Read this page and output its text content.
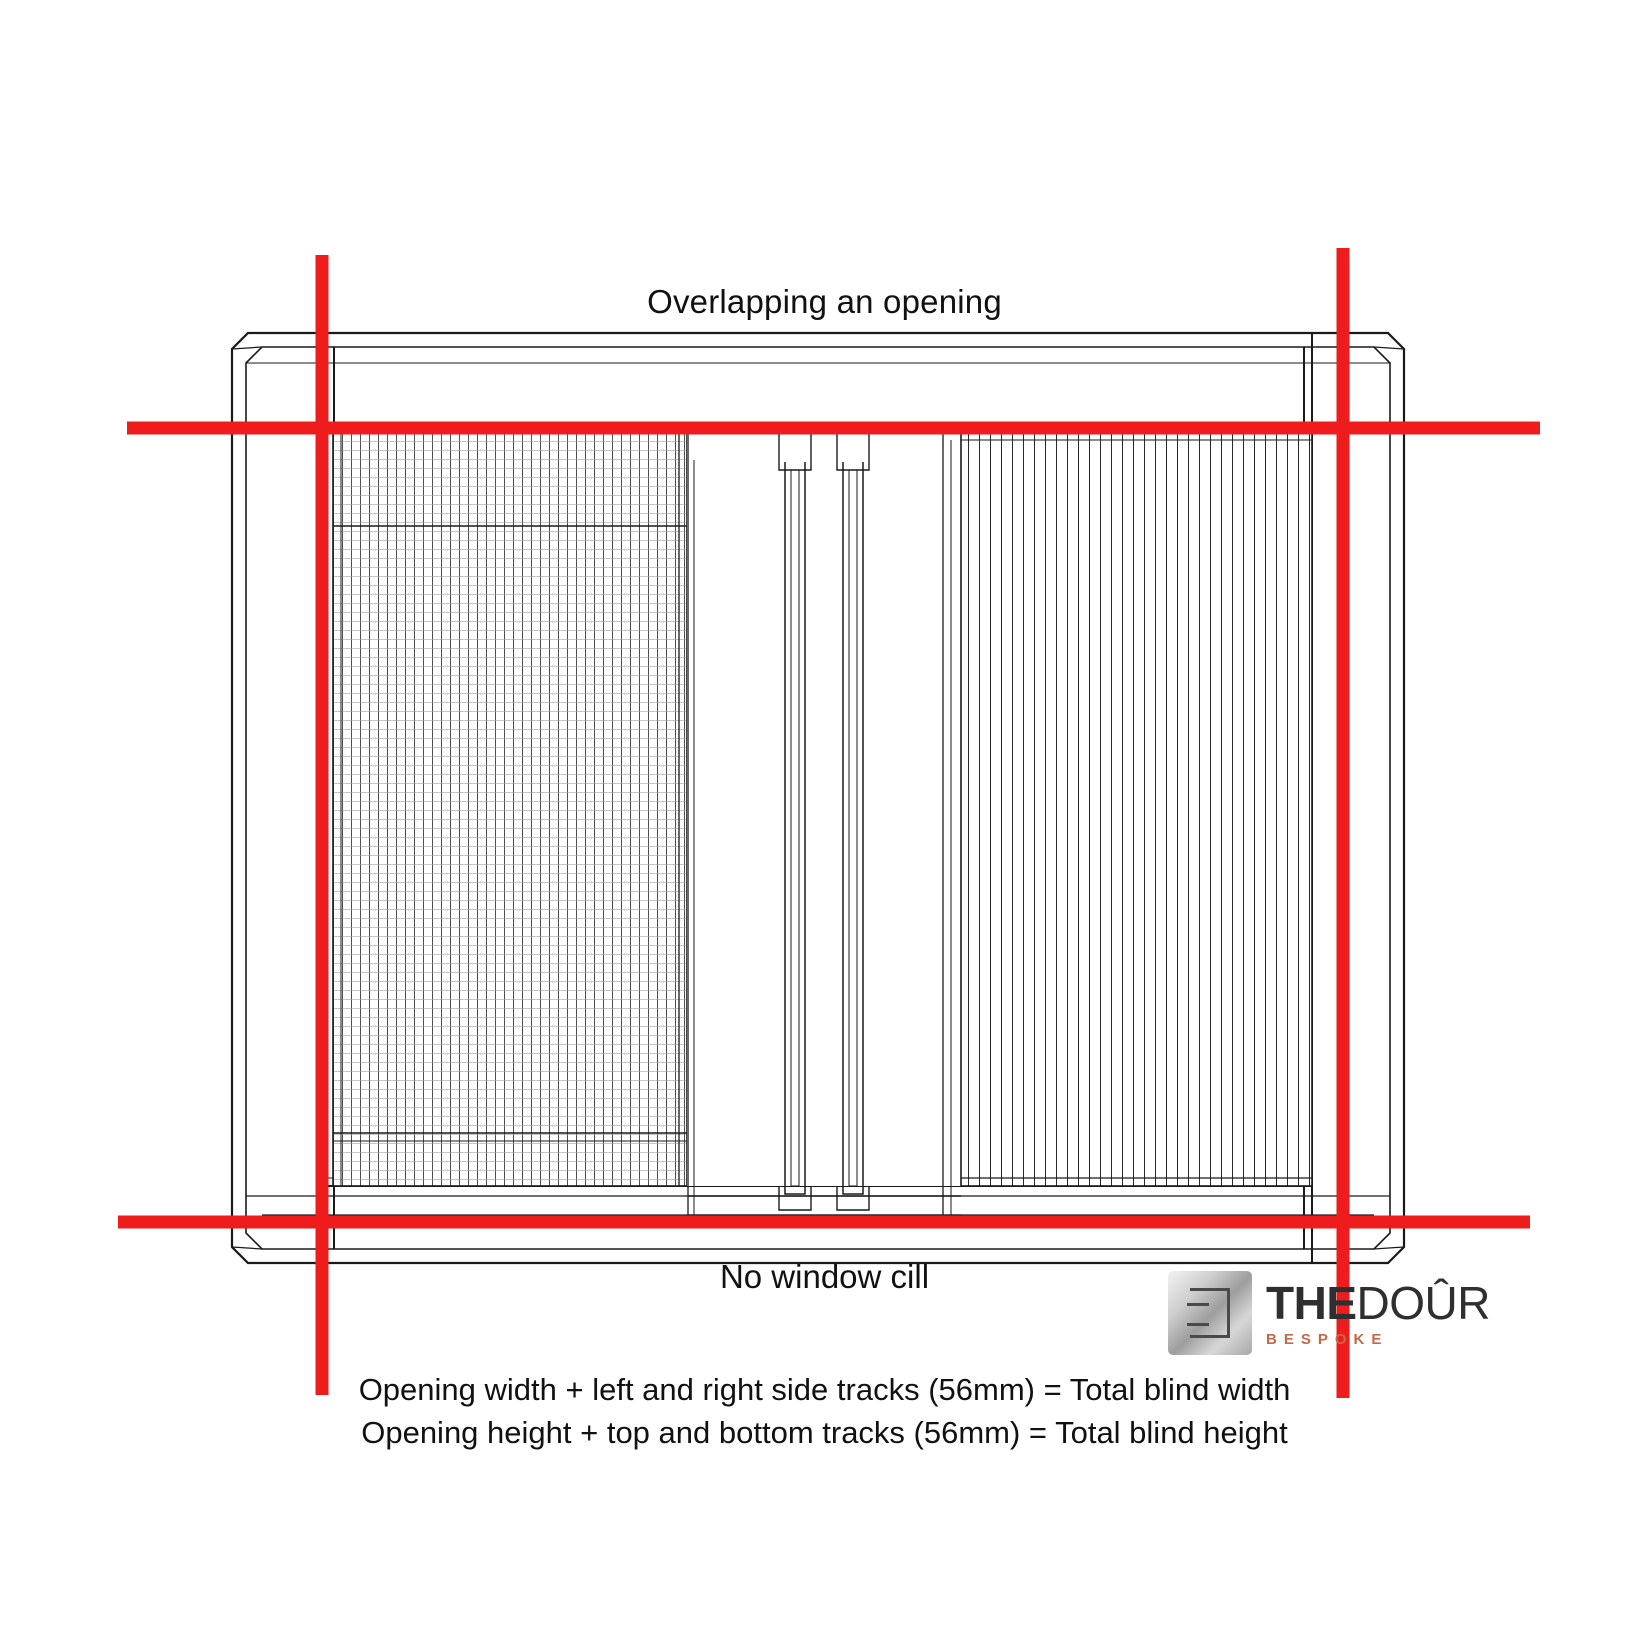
Overlapping an opening
No window cill
Opening width + left and right side tracks (56mm) = Total blind width
Opening height + top and bottom tracks (56mm) = Total blind height
THEDOÛR
BESPOKE
